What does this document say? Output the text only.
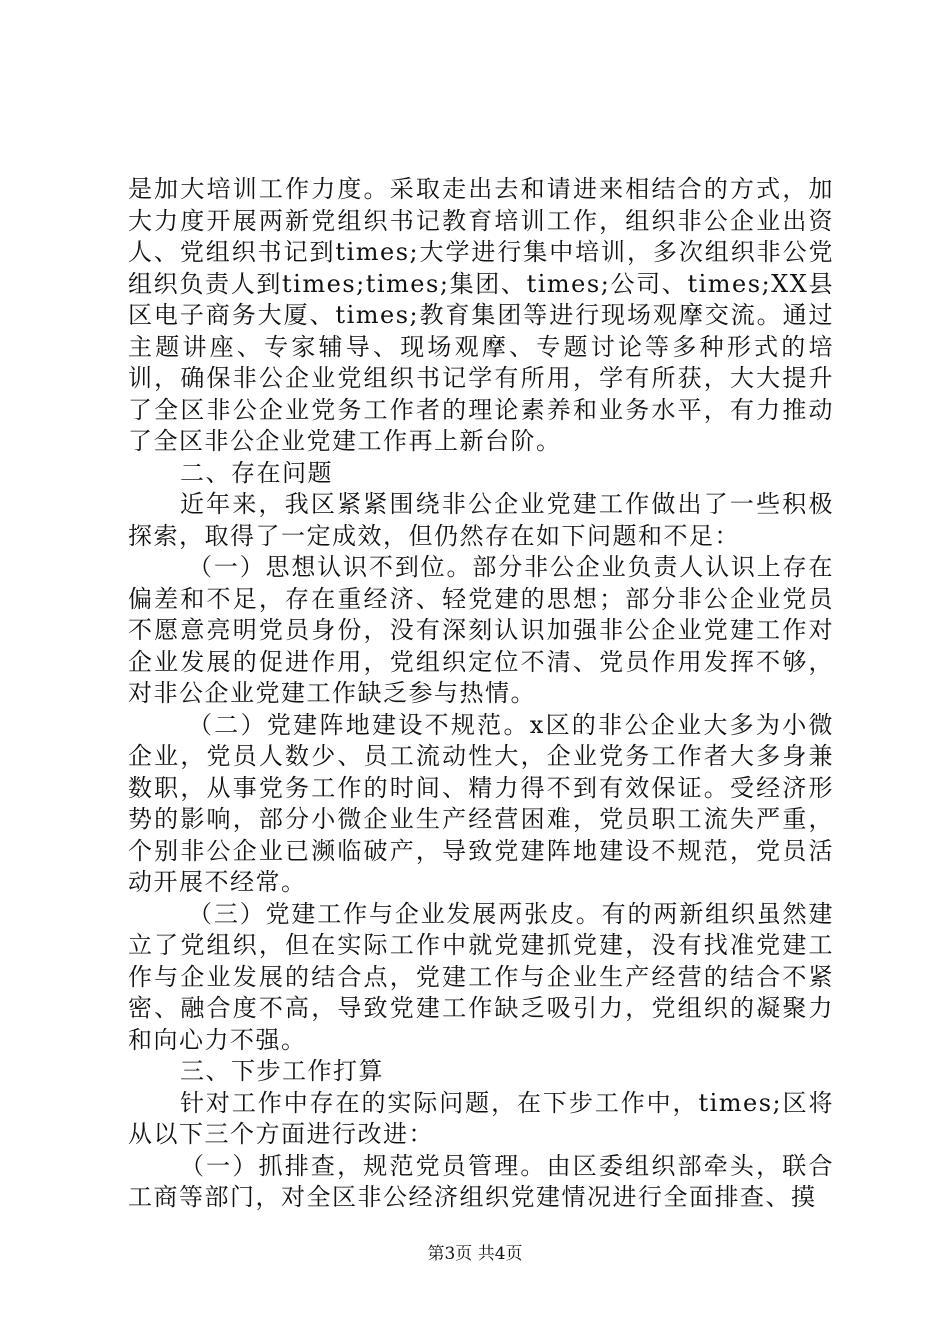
是加大培训工作力度。采取走出去和请进来相结合的方式，加大力度开展两新党组织书记教育培训工作，组织非公企业出资人、党组织书记到times;大学进行集中培训，多次组织非公党组织负责人到times;times;集团、times;公司、times;XX县区电子商务大厦、times;教育集团等进行现场观摩交流。通过主题讲座、专家辅导、现场观摩、专题讨论等多种形式的培训，确保非公企业党组织书记学有所用，学有所获，大大提升了全区非公企业党务工作者的理论素养和业务水平，有力推动了全区非公企业党建工作再上新台阶。

二、存在问题

近年来，我区紧紧围绕非公企业党建工作做出了一些积极探索，取得了一定成效，但仍然存在如下问题和不足：

（一）思想认识不到位。部分非公企业负责人认识上存在偏差和不足，存在重经济、轻党建的思想；部分非公企业党员不愿意亮明党员身份，没有深刻认识加强非公企业党建工作对企业发展的促进作用，党组织定位不清、党员作用发挥不够，对非公企业党建工作缺乏参与热情。

（二）党建阵地建设不规范。x区的非公企业大多为小微企业，党员人数少、员工流动性大，企业党务工作者大多身兼数职，从事党务工作的时间、精力得不到有效保证。受经济形势的影响，部分小微企业生产经营困难，党员职工流失严重，个别非公企业已濒临破产，导致党建阵地建设不规范，党员活动开展不经常。

（三）党建工作与企业发展两张皮。有的两新组织虽然建立了党组织，但在实际工作中就党建抓党建，没有找准党建工作与企业发展的结合点，党建工作与企业生产经营的结合不紧密、融合度不高，导致党建工作缺乏吸引力，党组织的凝聚力和向心力不强。

三、下步工作打算

针对工作中存在的实际问题，在下步工作中，times;区将从以下三个方面进行改进：

（一）抓排查，规范党员管理。由区委组织部牵头，联合工商等部门，对全区非公经济组织党建情况进行全面排查、摸

第3页 共4页
